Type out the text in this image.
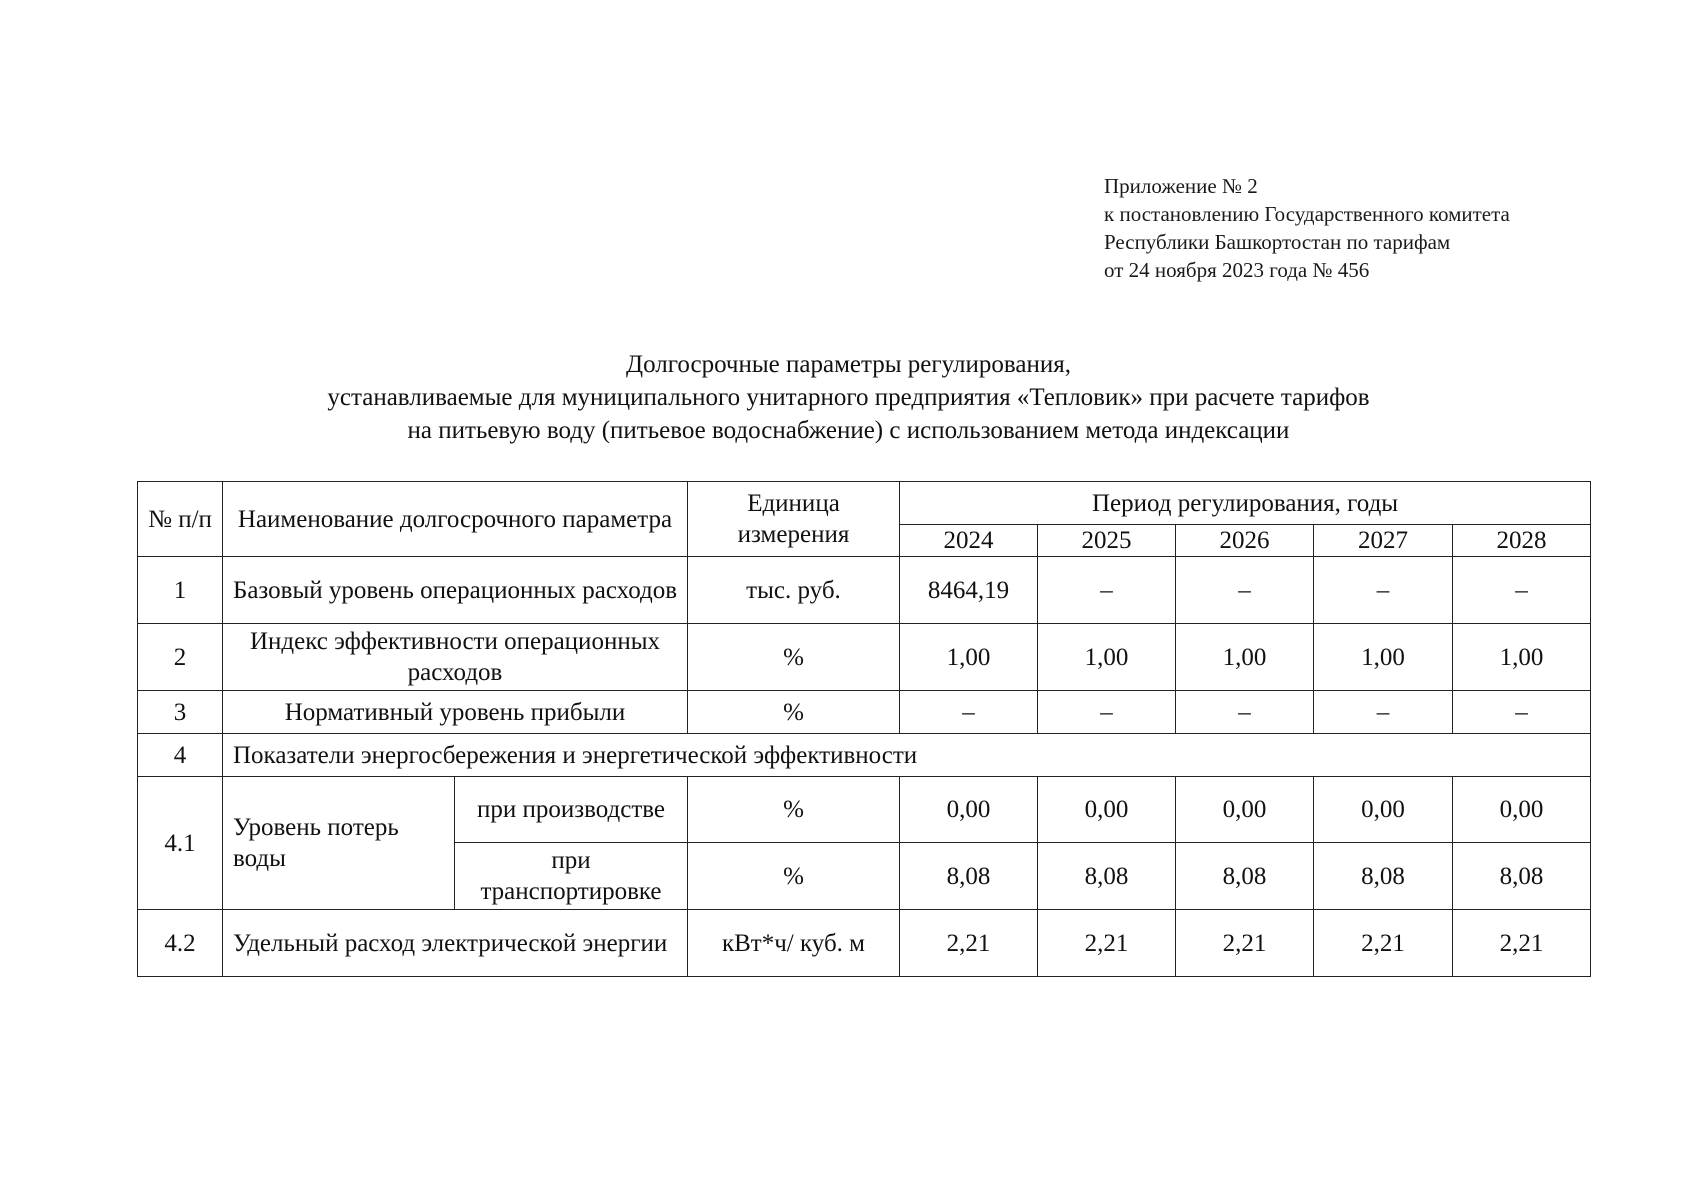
Приложение № 2
к постановлению Государственного комитета
Республики Башкортостан по тарифам
от 24 ноября 2023 года № 456
Долгосрочные параметры регулирования,
устанавливаемые для муниципального унитарного предприятия «Тепловик» при расчете тарифов
на питьевую воду (питьевое водоснабжение) с использованием метода индексации
№ п/п	Наименование долгосрочного параметра		Единица измерения	Период регулирования, годы				
				2024	2025	2026	2027	2028
1	Базовый уровень операционных расходов		тыс. руб.	8464,19	–	–	–	–
2	Индекс эффективности операционных расходов		%	1,00	1,00	1,00	1,00	1,00
3	Нормативный уровень прибыли		%	–	–	–	–	–
4	Показатели энергосбережения и энергетической эффективности							
4.1	Уровень потерь воды	при производстве	%	0,00	0,00	0,00	0,00	0,00
		при транспортировке	%	8,08	8,08	8,08	8,08	8,08
4.2	Удельный расход электрической энергии		кВт*ч/ куб. м	2,21	2,21	2,21	2,21	2,21
